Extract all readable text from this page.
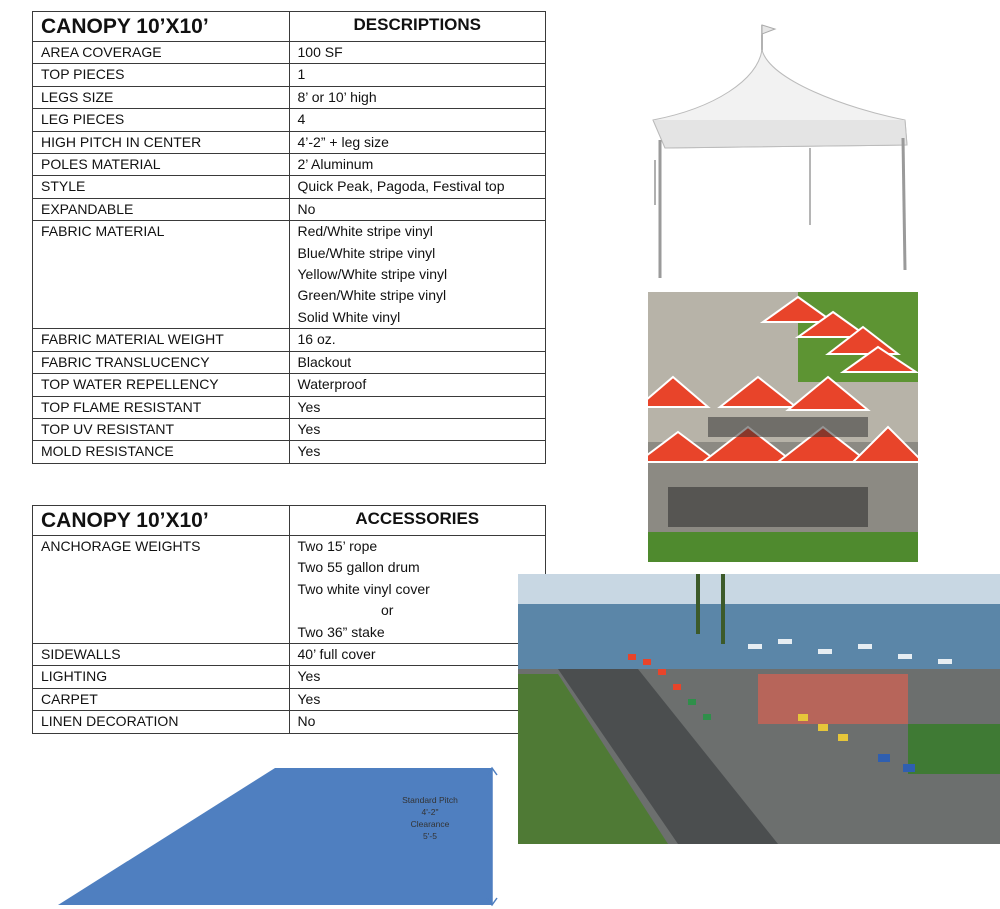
CANOPY 10’X10’	DESCRIPTIONS
AREA COVERAGE	100 SF

TOP PIECES	1

LEGS SIZE	8’ or 10’ high

LEG PIECES	4

HIGH PITCH IN CENTER	4’-2” + leg size

POLES MATERIAL	2’ Aluminum

STYLE	Quick Peak, Pagoda, Festival top

EXPANDABLE	No

FABRIC MATERIAL	Red/White stripe vinyl
Blue/White stripe vinyl
Yellow/White stripe vinyl
Green/White stripe vinyl
Solid White vinyl

FABRIC MATERIAL WEIGHT	16 oz.

FABRIC TRANSLUCENCY	Blackout

TOP WATER REPELLENCY	Waterproof

TOP FLAME RESISTANT	Yes

TOP UV RESISTANT	Yes

MOLD RESISTANCE	Yes
CANOPY 10’X10’	ACCESSORIES
ANCHORAGE WEIGHTS	Two 15’ rope
Two 55 gallon drum
Two white vinyl cover
or
Two 36” stake

SIDEWALLS	40’ full cover

LIGHTING	Yes

CARPET	Yes

LINEN DECORATION	No
Standard Pitch
4'-2"
Clearance
5'-5
